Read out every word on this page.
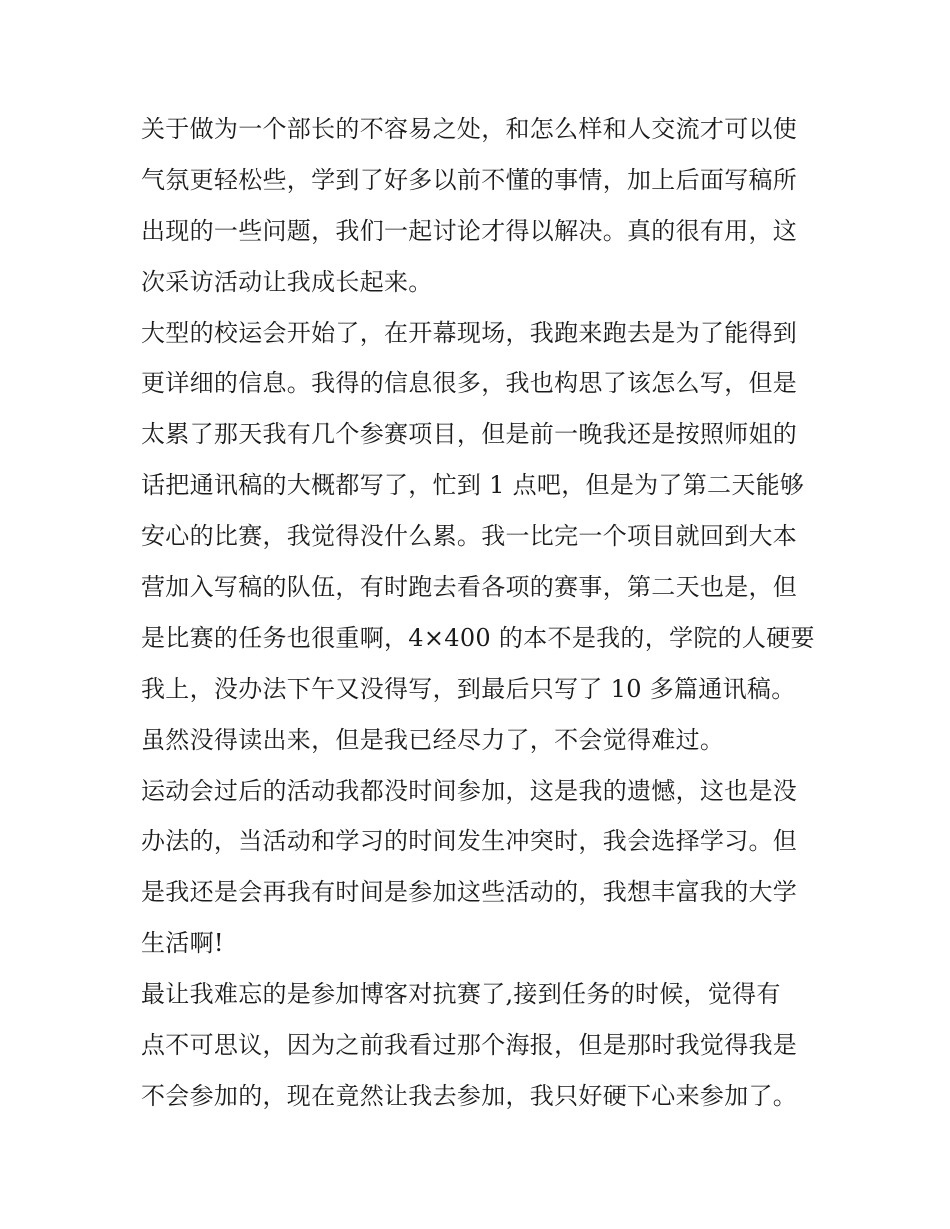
关于做为一个部长的不容易之处，和怎么样和人交流才可以使
气氛更轻松些，学到了好多以前不懂的事情，加上后面写稿所
出现的一些问题，我们一起讨论才得以解决。真的很有用，这
次采访活动让我成长起来。
大型的校运会开始了，在开幕现场，我跑来跑去是为了能得到
更详细的信息。我得的信息很多，我也构思了该怎么写，但是
太累了那天我有几个参赛项目，但是前一晚我还是按照师姐的
话把通讯稿的大概都写了，忙到 1 点吧，但是为了第二天能够
安心的比赛，我觉得没什么累。我一比完一个项目就回到大本
营加入写稿的队伍，有时跑去看各项的赛事，第二天也是，但
是比赛的任务也很重啊，4×400 的本不是我的，学院的人硬要
我上，没办法下午又没得写，到最后只写了 10 多篇通讯稿。
虽然没得读出来，但是我已经尽力了，不会觉得难过。
运动会过后的活动我都没时间参加，这是我的遗憾，这也是没
办法的，当活动和学习的时间发生冲突时，我会选择学习。但
是我还是会再我有时间是参加这些活动的，我想丰富我的大学
生活啊!
最让我难忘的是参加博客对抗赛了,接到任务的时候，觉得有
点不可思议，因为之前我看过那个海报，但是那时我觉得我是
不会参加的，现在竟然让我去参加，我只好硬下心来参加了。
